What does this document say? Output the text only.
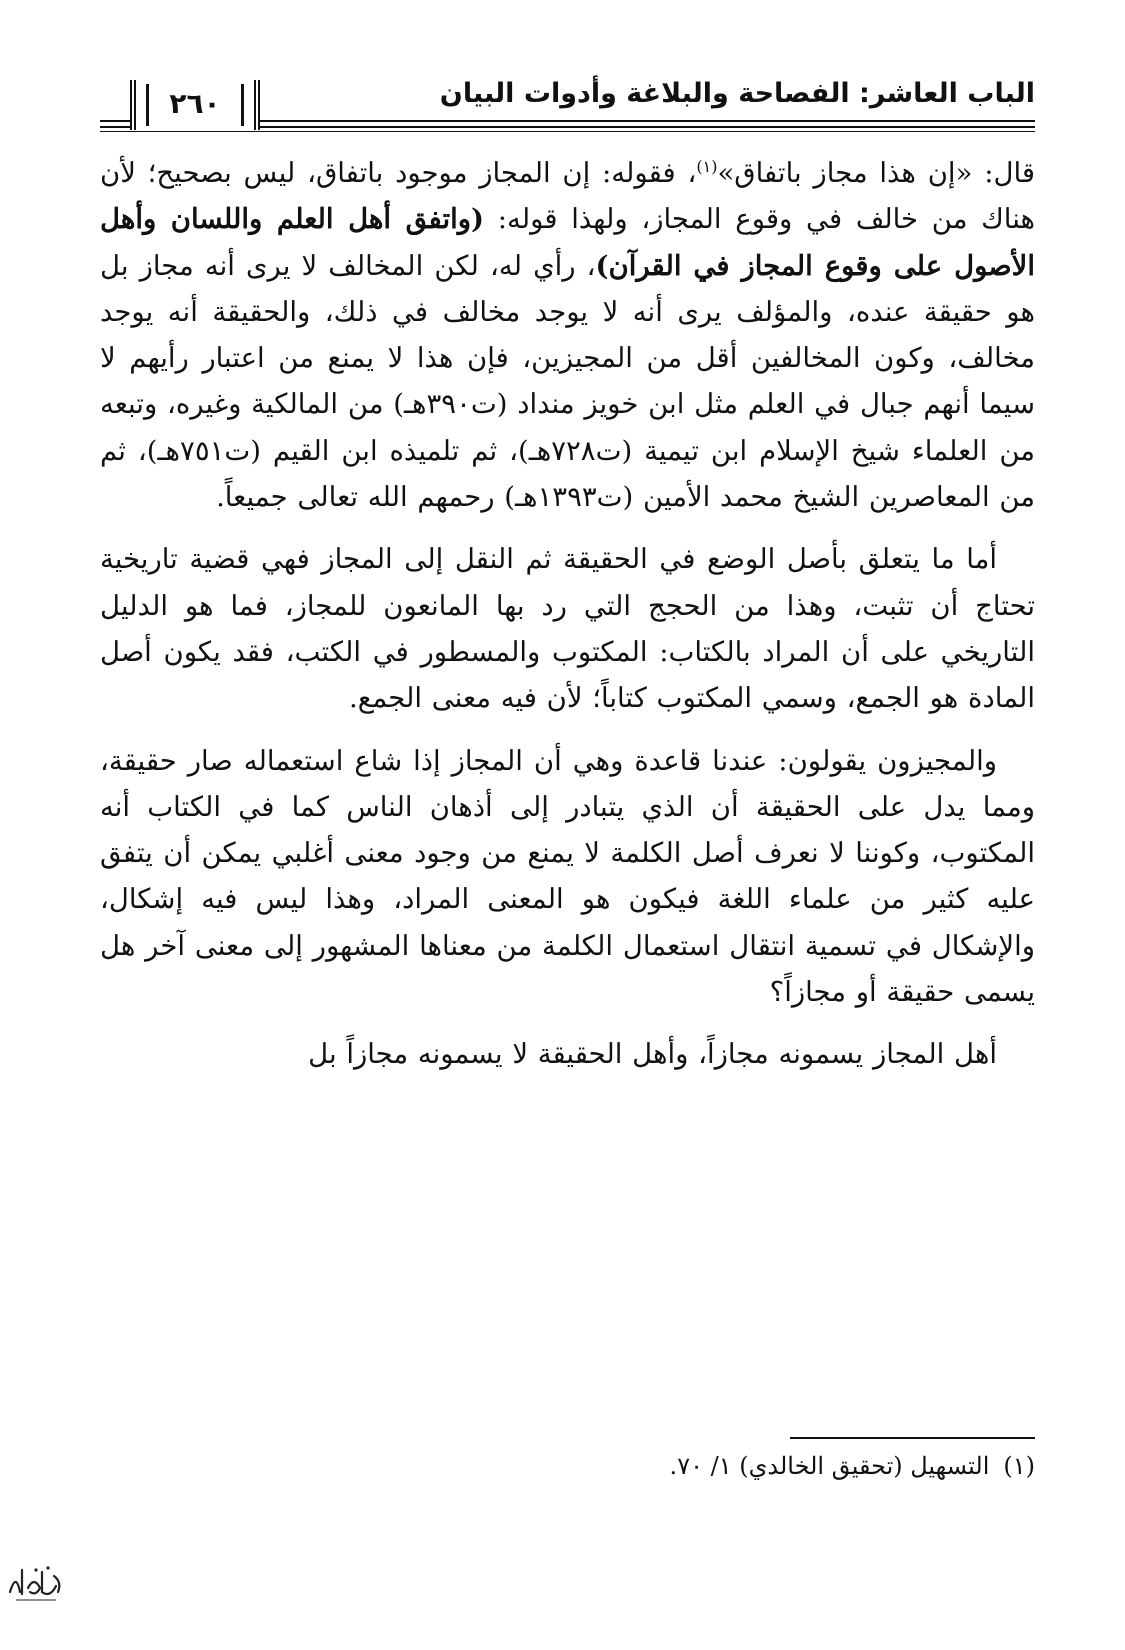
الباب العاشر: الفصاحة والبلاغة وأدوات البيان
٢٦٠

قال: «إن هذا مجاز باتفاق»$^{(١)}$، فقوله: إن المجاز موجود باتفاق، ليس بصحيح؛ لأن هناك من خالف في وقوع المجاز، ولهذا قوله: (واتفق أهل العلم واللسان وأهل الأصول على وقوع المجاز في القرآن)، رأي له، لكن المخالف لا يرى أنه مجاز بل هو حقيقة عنده، والمؤلف يرى أنه لا يوجد مخالف في ذلك، والحقيقة أنه يوجد مخالف، وكون المخالفين أقل من المجيزين، فإن هذا لا يمنع من اعتبار رأيهم لا سيما أنهم جبال في العلم مثل ابن خويز منداد (ت٣٩٠هـ) من المالكية وغيره، وتبعه من العلماء شيخ الإسلام ابن تيمية (ت٧٢٨هـ)، ثم تلميذه ابن القيم (ت٧٥١هـ)، ثم من المعاصرين الشيخ محمد الأمين (ت١٣٩٣هـ) رحمهم الله تعالى جميعاً.

أما ما يتعلق بأصل الوضع في الحقيقة ثم النقل إلى المجاز فهي قضية تاريخية تحتاج أن تثبت، وهذا من الحجج التي رد بها المانعون للمجاز، فما هو الدليل التاريخي على أن المراد بالكتاب: المكتوب والمسطور في الكتب، فقد يكون أصل المادة هو الجمع، وسمي المكتوب كتاباً؛ لأن فيه معنى الجمع.

والمجيزون يقولون: عندنا قاعدة وهي أن المجاز إذا شاع استعماله صار حقيقة، ومما يدل على الحقيقة أن الذي يتبادر إلى أذهان الناس كما في الكتاب أنه المكتوب، وكوننا لا نعرف أصل الكلمة لا يمنع من وجود معنى أغلبي يمكن أن يتفق عليه كثير من علماء اللغة فيكون هو المعنى المراد، وهذا ليس فيه إشكال، والإشكال في تسمية انتقال استعمال الكلمة من معناها المشهور إلى معنى آخر هل يسمى حقيقة أو مجازاً؟

أهل المجاز يسمونه مجازاً، وأهل الحقيقة لا يسمونه مجازاً بل

(١)التسهيل (تحقيق الخالدي) ١/ ٧٠.
